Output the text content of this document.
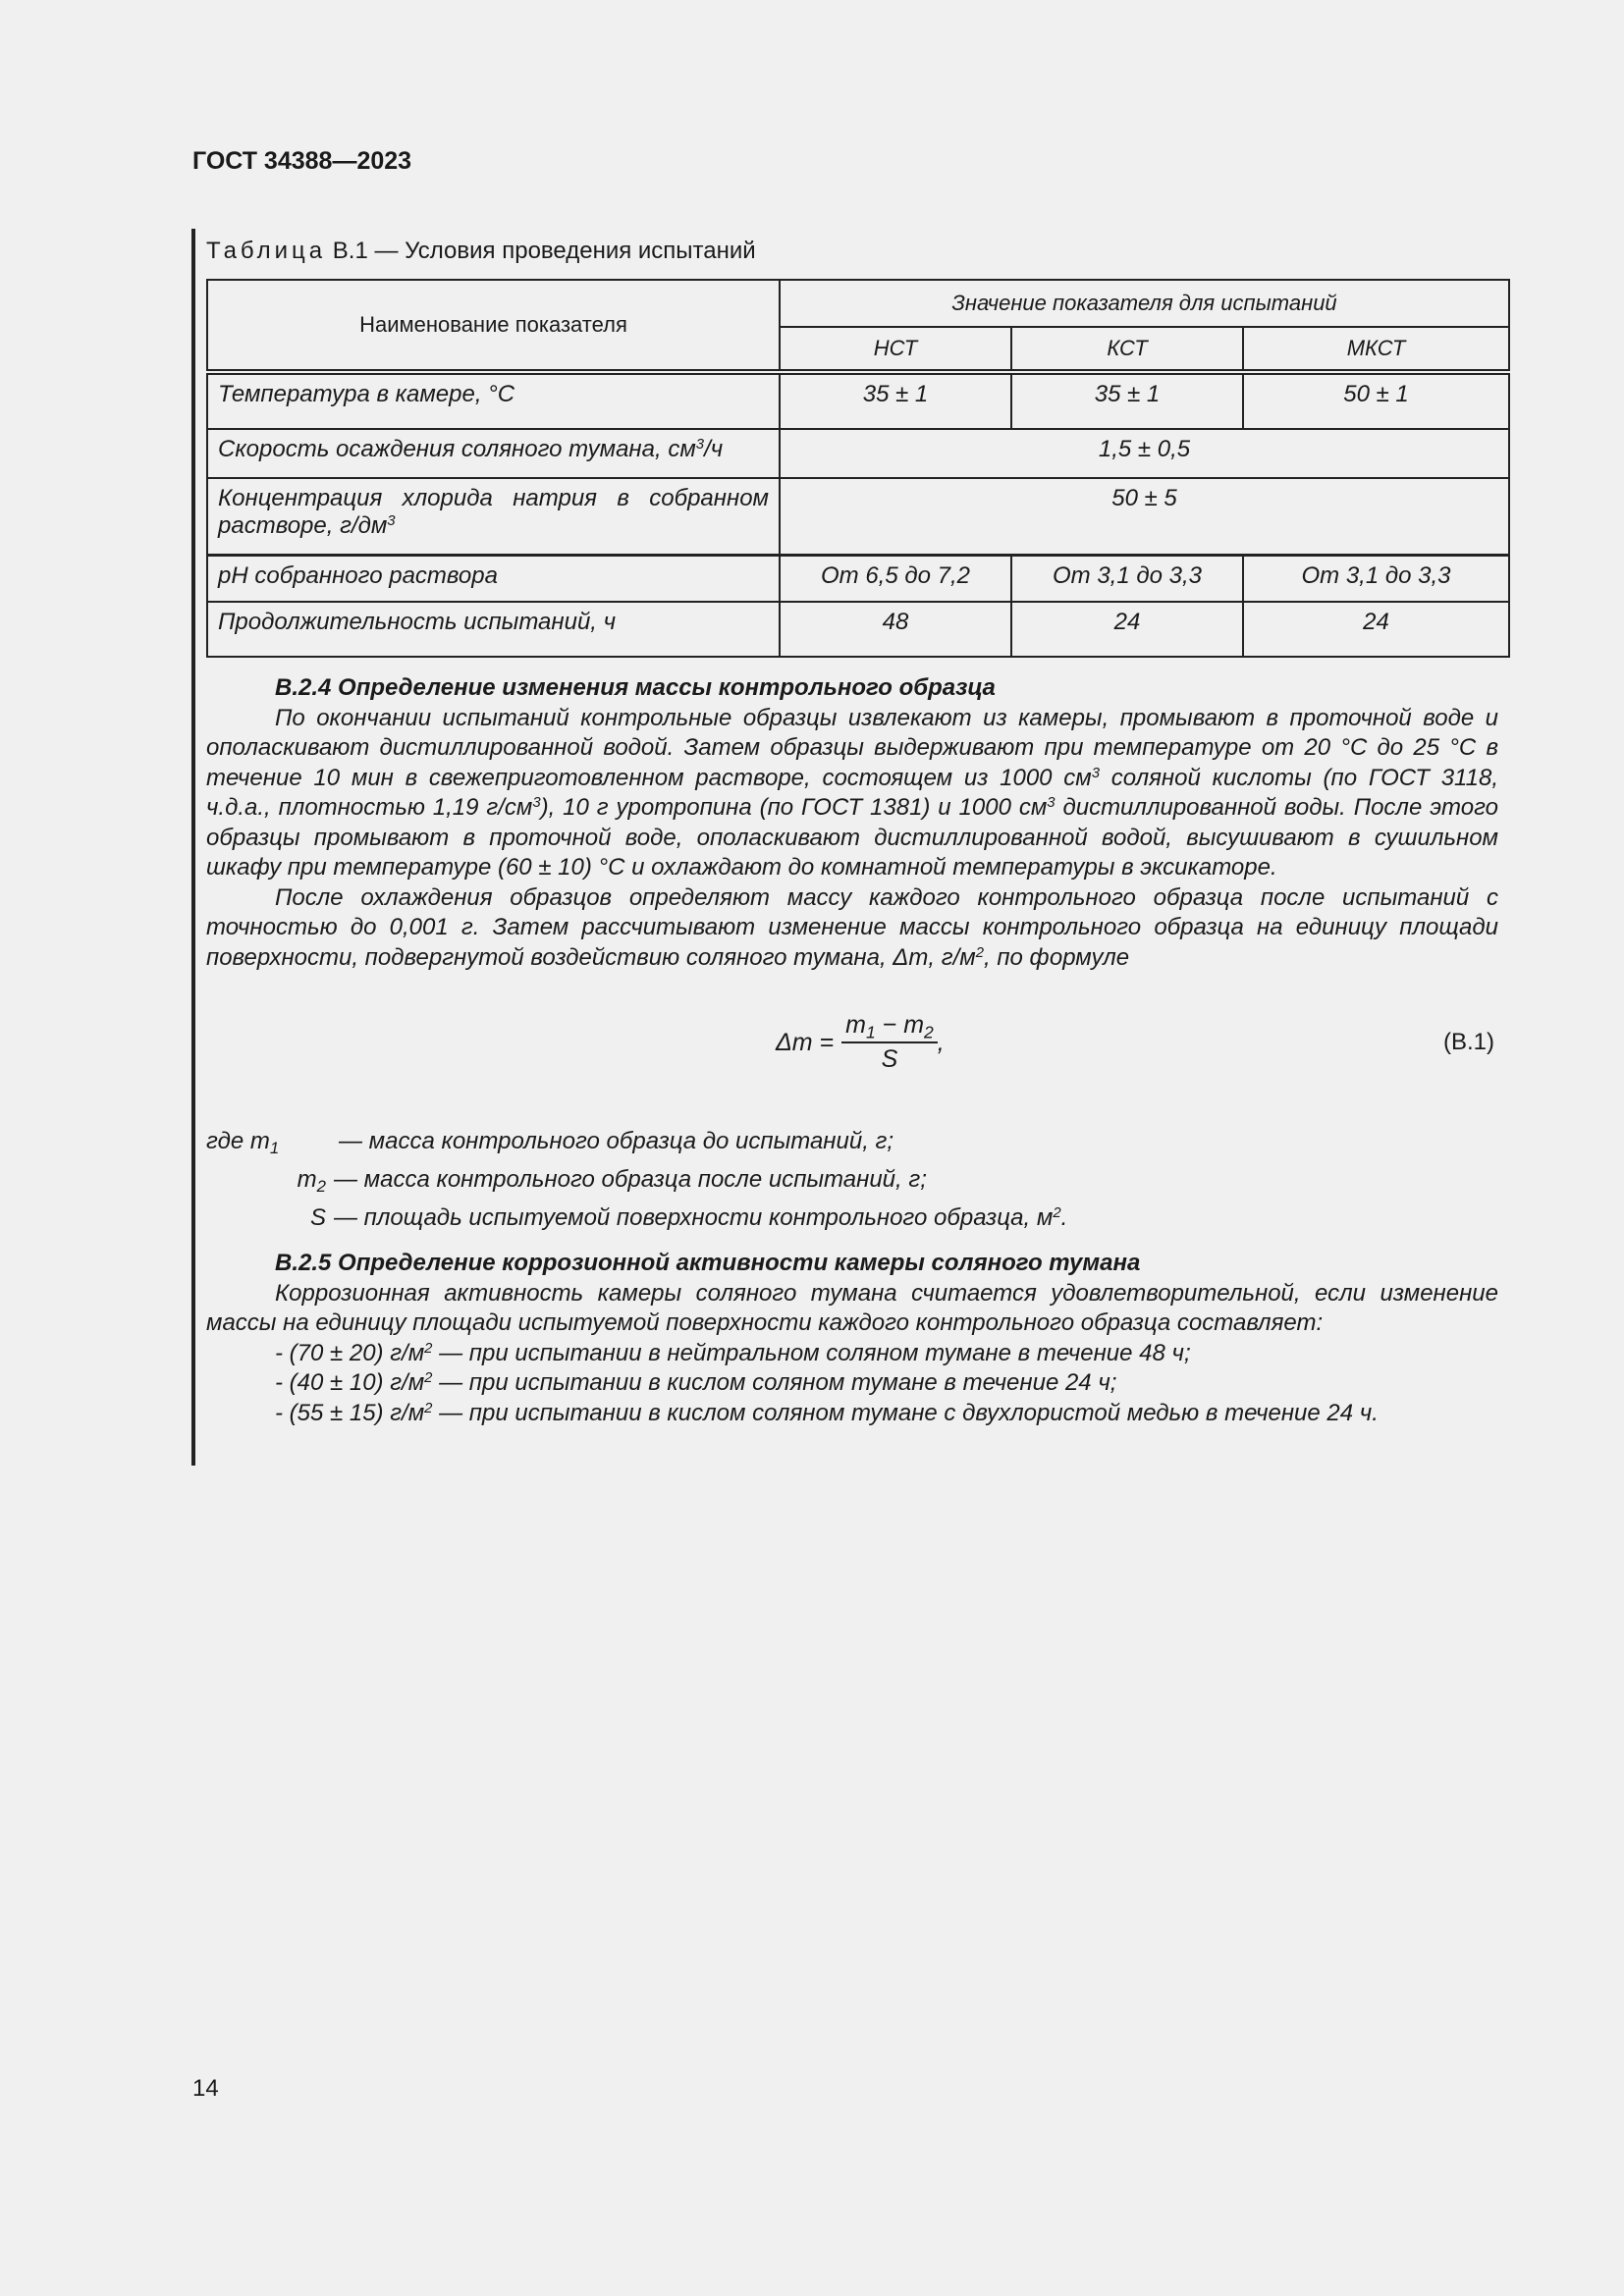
ГОСТ 34388—2023
Таблица В.1 — Условия проведения испытаний
Наименование показателя	Значение показателя для испытаний		
	НСТ	КСТ	МКСТ
Температура в камере, °С	35 ± 1	35 ± 1	50 ± 1
Скорость осаждения соляного тумана, $см^3/ч$	1,5 ± 0,5		
Концентрация хлорида натрия в собранном растворе, $г/дм^3$	50 ± 5		
pH собранного раствора	От 6,5 до 7,2	От 3,1 до 3,3	От 3,1 до 3,3
Продолжительность испытаний, ч	48	24	24

В.2.4 Определение изменения массы контрольного образца

По окончании испытаний контрольные образцы извлекают из камеры, промывают в проточной воде и ополаскивают дистиллированной водой. Затем образцы выдерживают при температуре от 20 °С до 25 °С в течение 10 мин в свежеприготовленном растворе, состоящем из 1000 $см^3$ соляной кислоты (по ГОСТ 3118, ч.д.а., плотностью 1,19 $г/см^3$), 10 г уротропина (по ГОСТ 1381) и 1000 $см^3$ дистиллированной воды. После этого образцы промывают в проточной воде, ополаскивают дистиллированной водой, высушивают в сушильном шкафу при температуре (60 ± 10) °С и охлаждают до комнатной температуры в эксикаторе.

После охлаждения образцов определяют массу каждого контрольного образца после испытаний с точностью до 0,001 г. Затем рассчитывают изменение массы контрольного образца на единицу площади поверхности, подвергнутой воздействию соляного тумана, Δm, $г/м^2$, по формуле

$\Delta m = \frac{m_1 - m_2}{S}$ ,	(В.1)
где $m_1$	— масса контрольного образца до испытаний, г;
$m_2$ — масса контрольного образца после испытаний, г;
S — площадь испытуемой поверхности контрольного образца, $м^2$.

В.2.5 Определение коррозионной активности камеры соляного тумана

Коррозионная активность камеры соляного тумана считается удовлетворительной, если изменение массы на единицу площади испытуемой поверхности каждого контрольного образца составляет:

- (70 ± 20) $г/м^2$ — при испытании в нейтральном соляном тумане в течение 48 ч;

- (40 ± 10) $г/м^2$ — при испытании в кислом соляном тумане в течение 24 ч;

- (55 ± 15) $г/м^2$ — при испытании в кислом соляном тумане с двухлористой медью в течение 24 ч.

14
